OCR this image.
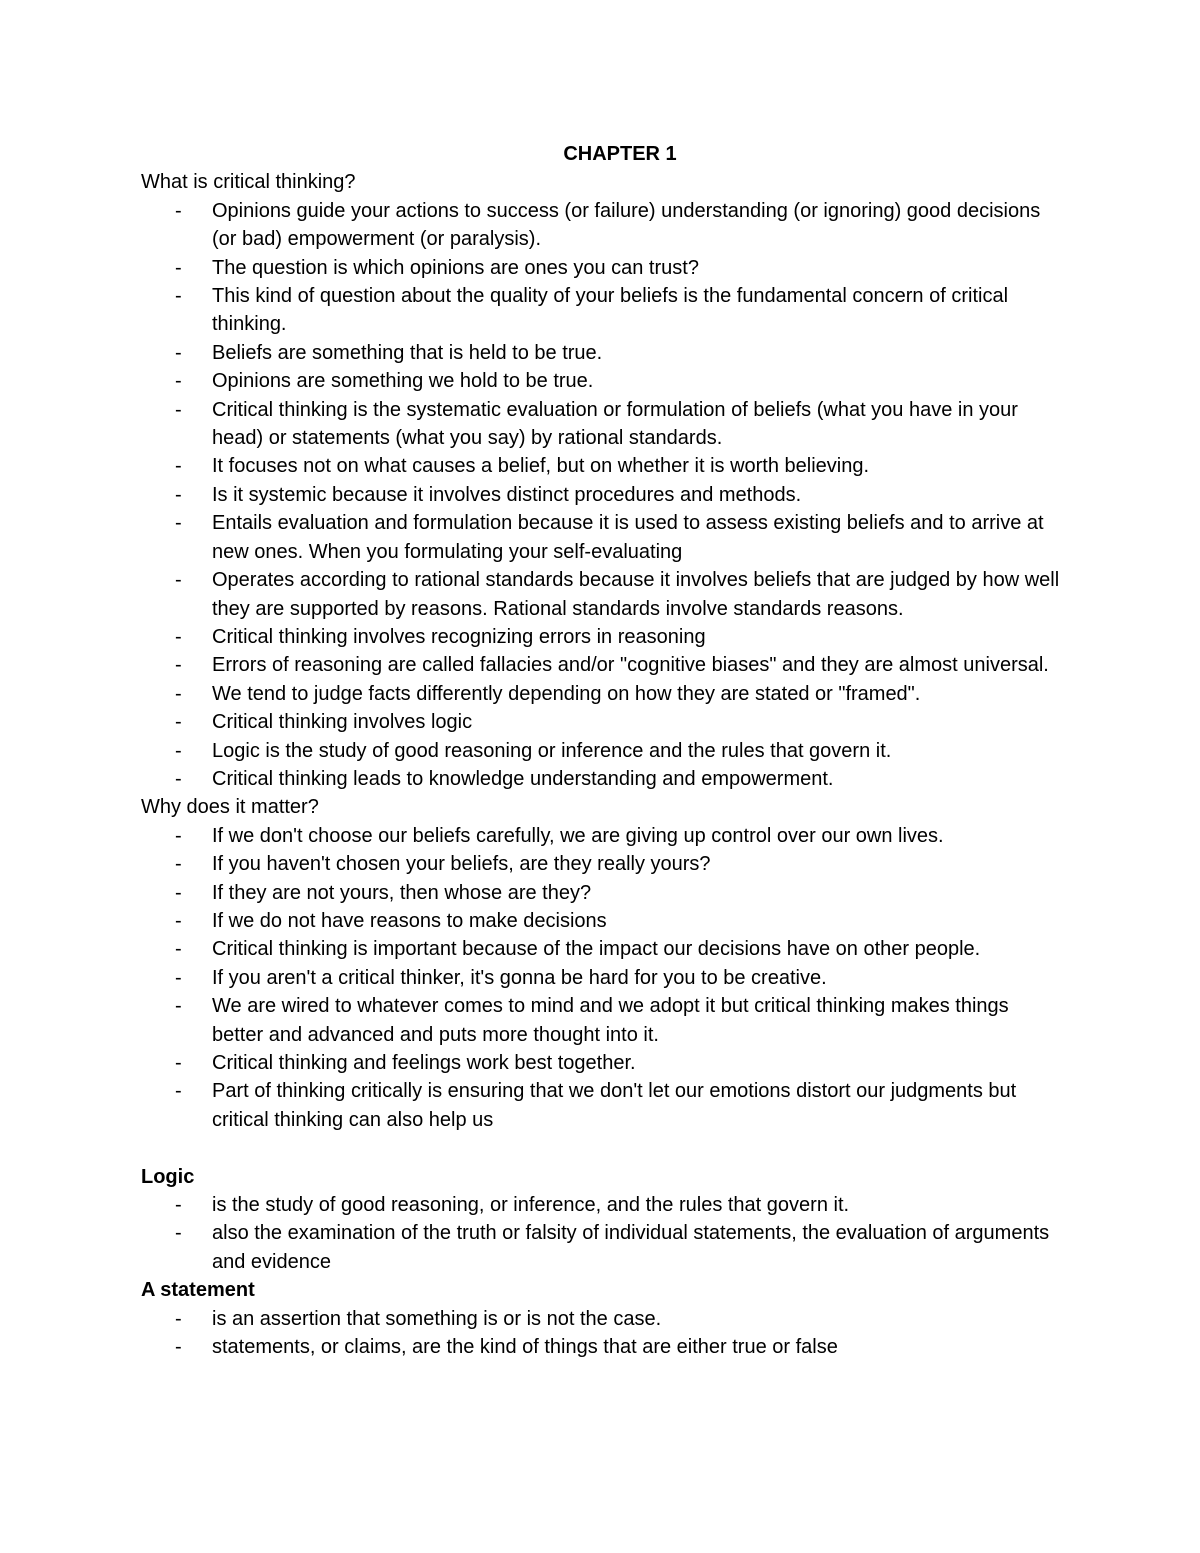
CHAPTER 1
What is critical thinking?
- Opinions guide your actions to success (or failure) understanding (or ignoring) good decisions (or bad) empowerment (or paralysis).
- The question is which opinions are ones you can trust?
- This kind of question about the quality of your beliefs is the fundamental concern of critical thinking.
- Beliefs are something that is held to be true.
- Opinions are something we hold to be true.
- Critical thinking is the systematic evaluation or formulation of beliefs (what you have in your head) or statements (what you say) by rational standards.
- It focuses not on what causes a belief, but on whether it is worth believing.
- Is it systemic because it involves distinct procedures and methods.
- Entails evaluation and formulation because it is used to assess existing beliefs and to arrive at new ones. When you formulating your self-evaluating
- Operates according to rational standards because it involves beliefs that are judged by how well they are supported by reasons. Rational standards involve standards reasons.
- Critical thinking involves recognizing errors in reasoning
- Errors of reasoning are called fallacies and/or "cognitive biases" and they are almost universal.
- We tend to judge facts differently depending on how they are stated or "framed".
- Critical thinking involves logic
- Logic is the study of good reasoning or inference and the rules that govern it.
- Critical thinking leads to knowledge understanding and empowerment.
Why does it matter?
- If we don't choose our beliefs carefully, we are giving up control over our own lives.
- If you haven't chosen your beliefs, are they really yours?
- If they are not yours, then whose are they?
- If we do not have reasons to make decisions
- Critical thinking is important because of the impact our decisions have on other people.
- If you aren't a critical thinker, it's gonna be hard for you to be creative.
- We are wired to whatever comes to mind and we adopt it but critical thinking makes things better and advanced and puts more thought into it.
- Critical thinking and feelings work best together.
- Part of thinking critically is ensuring that we don't let our emotions distort our judgments but critical thinking can also help us
Logic
- is the study of good reasoning, or inference, and the rules that govern it.
- also the examination of the truth or falsity of individual statements, the evaluation of arguments and evidence
A statement
- is an assertion that something is or is not the case.
- statements, or claims, are the kind of things that are either true or false
